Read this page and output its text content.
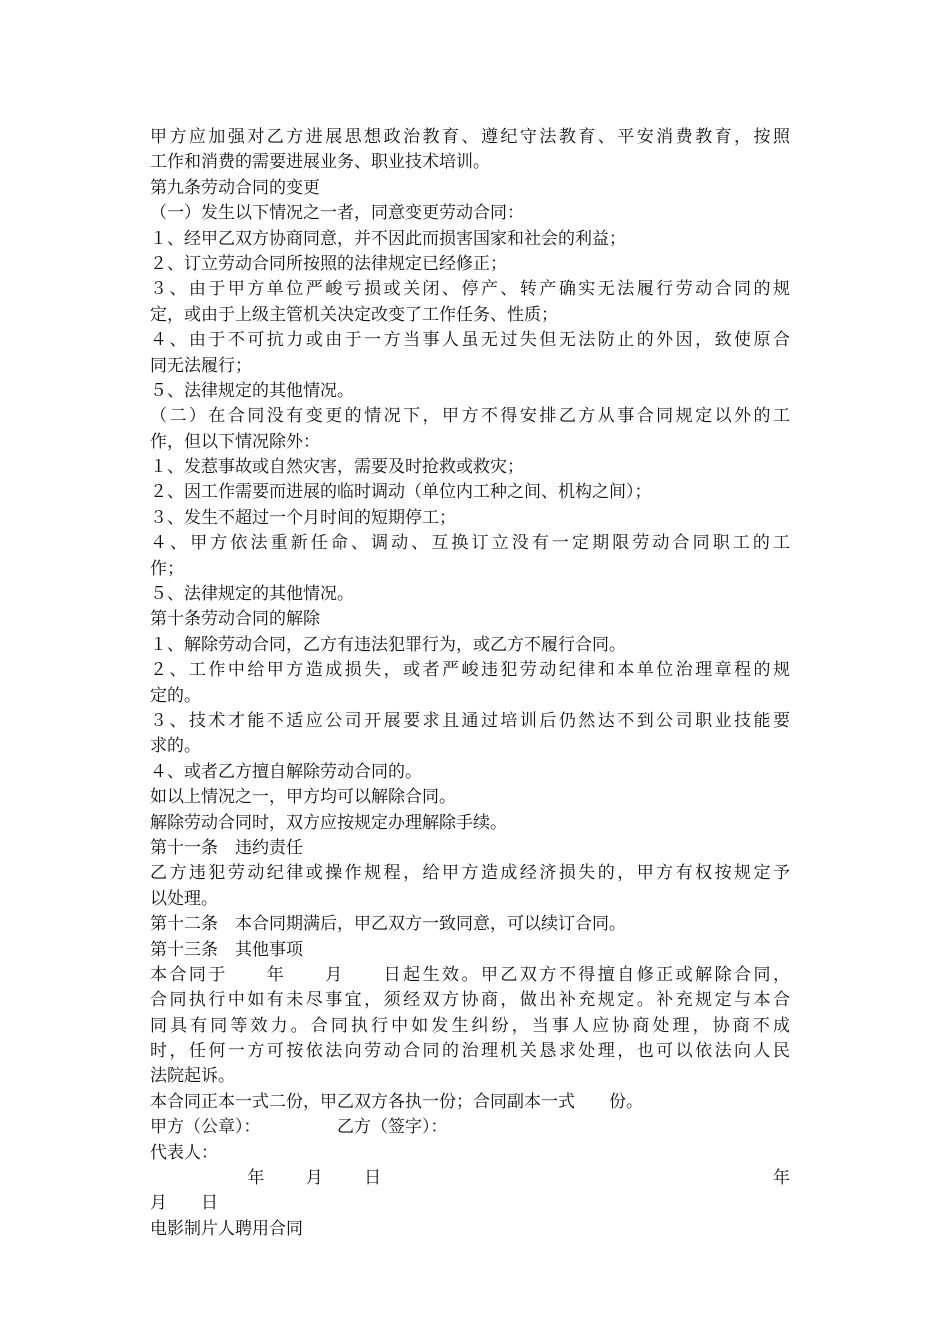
甲方应加强对乙方进展思想政治教育、遵纪守法教育、平安消费教育，按照
工作和消费的需要进展业务、职业技术培训。
第九条劳动合同的变更
（一）发生以下情况之一者，同意变更劳动合同：
１、经甲乙双方协商同意，并不因此而损害国家和社会的利益；
２、订立劳动合同所按照的法律规定已经修正；
３、由于甲方单位严峻亏损或关闭、停产、转产确实无法履行劳动合同的规
定，或由于上级主管机关决定改变了工作任务、性质；
４、由于不可抗力或由于一方当事人虽无过失但无法防止的外因，致使原合
同无法履行；
５、法律规定的其他情况。
（二）在合同没有变更的情况下，甲方不得安排乙方从事合同规定以外的工
作，但以下情况除外：
１、发惹事故或自然灾害，需要及时抢救或救灾；
２、因工作需要而进展的临时调动（单位内工种之间、机构之间）；
３、发生不超过一个月时间的短期停工；
４、甲方依法重新任命、调动、互换订立没有一定期限劳动合同职工的工
作；
５、法律规定的其他情况。
第十条劳动合同的解除
１、解除劳动合同，乙方有违法犯罪行为，或乙方不履行合同。
２、工作中给甲方造成损失，或者严峻违犯劳动纪律和本单位治理章程的规
定的。
３、技术才能不适应公司开展要求且通过培训后仍然达不到公司职业技能要
求的。
４、或者乙方擅自解除劳动合同的。
如以上情况之一，甲方均可以解除合同。
解除劳动合同时，双方应按规定办理解除手续。
第十一条　违约责任
乙方违犯劳动纪律或操作规程，给甲方造成经济损失的，甲方有权按规定予
以处理。
第十二条　本合同期满后，甲乙双方一致同意，可以续订合同。
第十三条　其他事项
本合同于　　年　　月　　日起生效。甲乙双方不得擅自修正或解除合同，
合同执行中如有未尽事宜，须经双方协商，做出补充规定。补充规定与本合
同具有同等效力。合同执行中如发生纠纷，当事人应协商处理，协商不成
时，任何一方可按依法向劳动合同的治理机关恳求处理，也可以依法向人民
法院起诉。
本合同正本一式二份，甲乙双方各执一份；合同副本一式　　份。
甲方（公章）：　　　　　乙方（签字）：
代表人：
　　　　　年　　月　　日　　　　　　　　　　　　　　　　　　　　年
月　　日
电影制片人聘用合同
